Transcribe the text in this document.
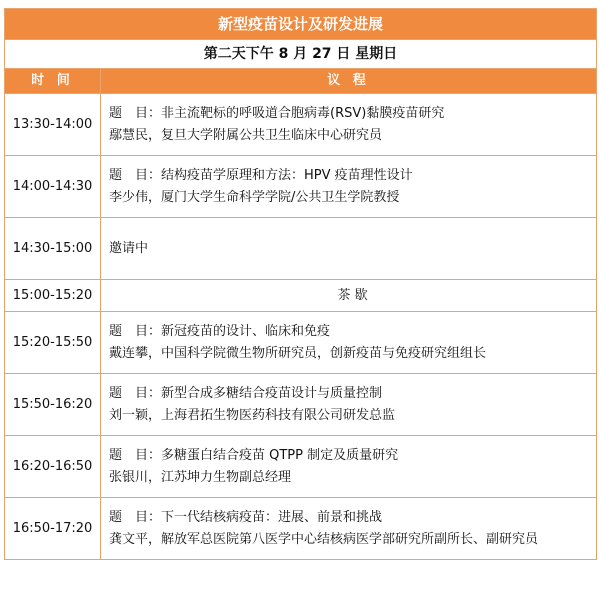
新型疫苗设计及研发进展	
第二天下午 8 月 27 日 星期日	
时 间	议 程
13:30-14:00	题　目：非主流靶标的呼吸道合胞病毒(RSV)黏膜疫苗研究
鄢慧民，复旦大学附属公共卫生临床中心研究员

14:00-14:30	题　目：结构疫苗学原理和方法：HPV 疫苗理性设计
李少伟，厦门大学生命科学学院/公共卫生学院教授

14:30-15:00	邀请中

15:00-15:20	茶 歇
15:20-15:50	题　目：新冠疫苗的设计、临床和免疫
戴连攀，中国科学院微生物所研究员，创新疫苗与免疫研究组组长

15:50-16:20	题　目：新型合成多糖结合疫苗设计与质量控制
刘一颖，上海君拓生物医药科技有限公司研发总监

16:20-16:50	题　目：多糖蛋白结合疫苗 QTPP 制定及质量研究
张银川，江苏坤力生物副总经理

16:50-17:20	题　目：下一代结核病疫苗：进展、前景和挑战
龚文平，解放军总医院第八医学中心结核病医学部研究所副所长、副研究员
